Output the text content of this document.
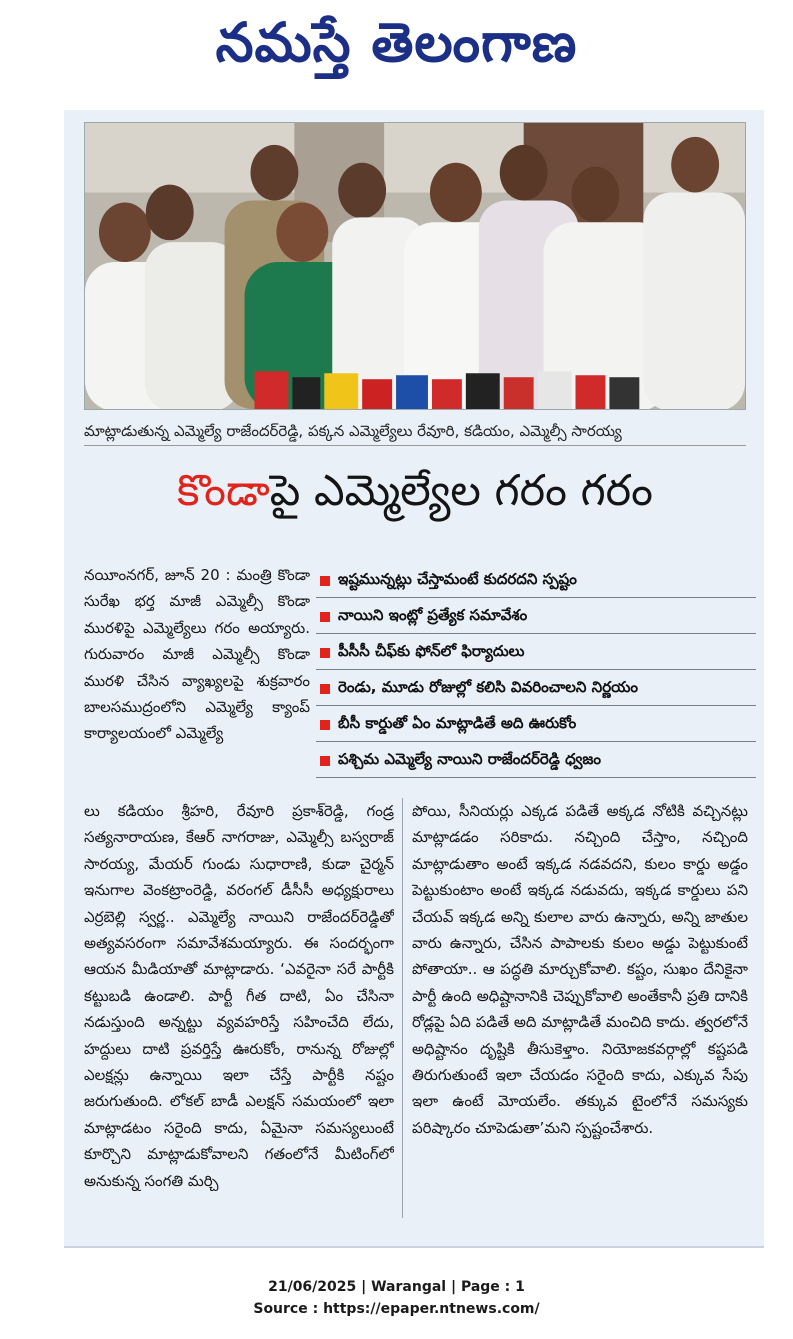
నమస్తే తెలంగాణ
మాట్లాడుతున్న ఎమ్మెల్యే రాజేందర్‌రెడ్డి, పక్కన ఎమ్మెల్యేలు రేవూరి, కడియం, ఎమ్మెల్సీ సారయ్య
కొండా పై ఎమ్మెల్యేల గరం గరం
నయీంనగర్, జూన్ 20 : మంత్రి కొండా సురేఖ భర్త మాజీ ఎమ్మెల్సీ కొండా మురళిపై ఎమ్మెల్యేలు గరం అయ్యారు. గురువారం మాజీ ఎమ్మెల్సీ కొండా మురళి చేసిన వ్యాఖ్యలపై శుక్రవారం బాలసముద్రంలోని ఎమ్మెల్యే క్యాంప్ కార్యాలయంలో ఎమ్మెల్యే
ఇష్టమున్నట్లు చేస్తామంటే కుదరదని స్పష్టం
నాయిని ఇంట్లో ప్రత్యేక సమావేశం
పీసీసీ చీఫ్‌కు ఫోన్‌లో ఫిర్యాదులు
రెండు, మూడు రోజుల్లో కలిసి వివరించాలని నిర్ణయం
బీసీ కార్డుతో ఏం మాట్లాడితే అది ఊరుకోం
పశ్చిమ ఎమ్మెల్యే నాయిని రాజేందర్‌రెడ్డి ధ్వజం
లు కడియం శ్రీహరి, రేవూరి ప్రకాశ్‌రెడ్డి, గండ్ర సత్యనారాయణ, కేఆర్ నాగరాజు, ఎమ్మెల్సీ బస్వరాజ్ సారయ్య, మేయర్ గుండు సుధారాణి, కుడా చైర్మన్ ఇనుగాల వెంకట్రాంరెడ్డి, వరంగల్ డీసీసీ అధ్యక్షురాలు ఎర్రబెల్లి స్వర్ణ.. ఎమ్మెల్యే నాయిని రాజేందర్‌రెడ్డితో అత్యవసరంగా సమావేశమయ్యారు. ఈ సందర్భంగా ఆయన మీడియాతో మాట్లాడారు. ‘ఎవరైనా సరే పార్టీకి కట్టుబడి ఉండాలి. పార్టీ గీత దాటి, ఏం చేసినా నడుస్తుంది అన్నట్టు వ్యవహరిస్తే సహించేది లేదు, హద్దులు దాటి ప్రవర్తిస్తే ఊరుకోం, రానున్న రోజుల్లో ఎలక్షన్లు ఉన్నాయి ఇలా చేస్తే పార్టీకి నష్టం జరుగుతుంది. లోకల్ బాడీ ఎలక్షన్ సమయంలో ఇలా మాట్లాడటం సరైంది కాదు, ఏమైనా సమస్యలుంటే కూర్చొని మాట్లాడుకోవాలని గతంలోనే మీటింగ్‌లో అనుకున్న సంగతి మర్చి
పోయి, సీనియర్లు ఎక్కడ పడితే అక్కడ నోటికి వచ్చినట్లు మాట్లాడడం సరికాదు. నచ్చింది చేస్తాం, నచ్చింది మాట్లాడుతాం అంటే ఇక్కడ నడవదని, కులం కార్డు అడ్డం పెట్టుకుంటాం అంటే ఇక్కడ నడువదు, ఇక్కడ కార్డులు పని చేయవ్ ఇక్కడ అన్ని కులాల వారు ఉన్నారు, అన్ని జాతుల వారు ఉన్నారు, చేసిన పాపాలకు కులం అడ్డు పెట్టుకుంటే పోతాయా.. ఆ పద్ధతి మార్చుకోవాలి. కష్టం, సుఖం దేనికైనా పార్టీ ఉంది అధిష్టానానికి చెప్పుకోవాలి అంతేకానీ ప్రతి దానికి రోడ్లపై ఏది పడితే అది మాట్లాడితే మంచిది కాదు. త్వరలోనే అధిష్టానం దృష్టికి తీసుకెళ్తాం. నియోజకవర్గాల్లో కష్టపడి తిరుగుతుంటే ఇలా చేయడం సరైంది కాదు, ఎక్కువ సేపు ఇలా ఉంటే మోయలేం. తక్కువ టైంలోనే సమస్యకు పరిష్కారం చూపెడుతా’మని స్పష్టంచేశారు.
21/06/2025 | Warangal | Page : 1
Source : https://epaper.ntnews.com/
